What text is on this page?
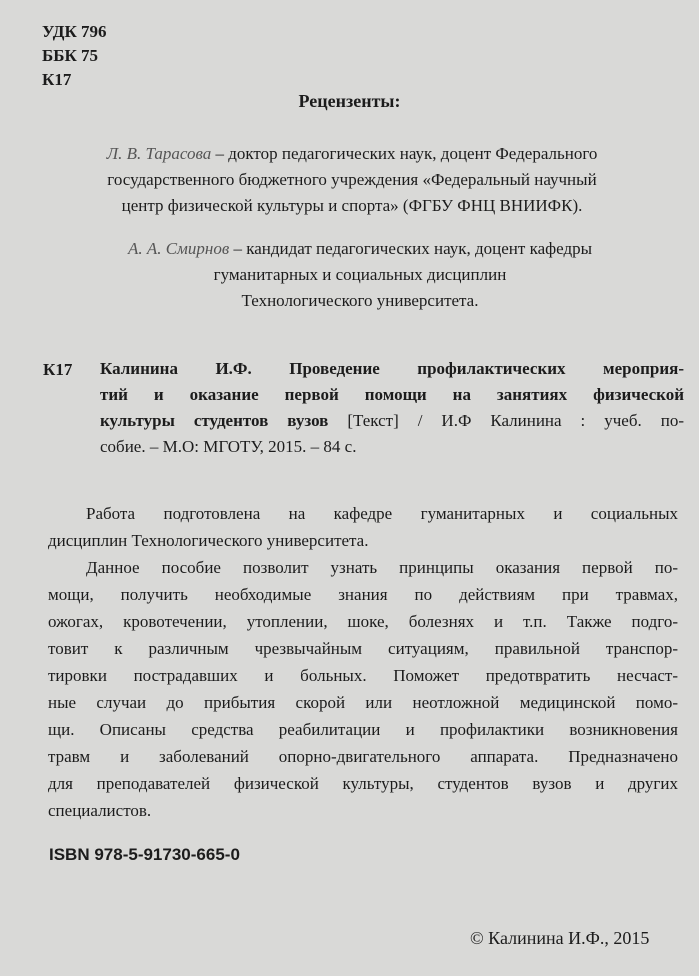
УДК 796
ББК 75
К17
Рецензенты:
Л. В. Тарасова – доктор педагогических наук, доцент Федерального
государственного бюджетного учреждения «Федеральный научный
центр физической культуры и спорта» (ФГБУ ФНЦ ВНИИФК).
А. А. Смирнов – кандидат педагогических наук, доцент кафедры
гуманитарных и социальных дисциплин
Технологического университета.
К17 Калинина И.Ф. Проведение профилактических мероприя-
тий и оказание первой помощи на занятиях физической
культуры студентов вузов [Текст] / И.Ф Калинина : учеб. по-
собие. – М.О: МГОТУ, 2015. – 84 с.
Работа подготовлена на кафедре гуманитарных и социальных
дисциплин Технологического университета.
Данное пособие позволит узнать принципы оказания первой по-
мощи, получить необходимые знания по действиям при травмах,
ожогах, кровотечении, утоплении, шоке, болезнях и т.п. Также подго-
товит к различным чрезвычайным ситуациям, правильной транспор-
тировки пострадавших и больных. Поможет предотвратить несчаст-
ные случаи до прибытия скорой или неотложной медицинской помо-
щи. Описаны средства реабилитации и профилактики возникновения
травм и заболеваний опорно-двигательного аппарата. Предназначено
для преподавателей физической культуры, студентов вузов и других
специалистов.
ISBN 978-5-91730-665-0
© Калинина И.Ф., 2015
